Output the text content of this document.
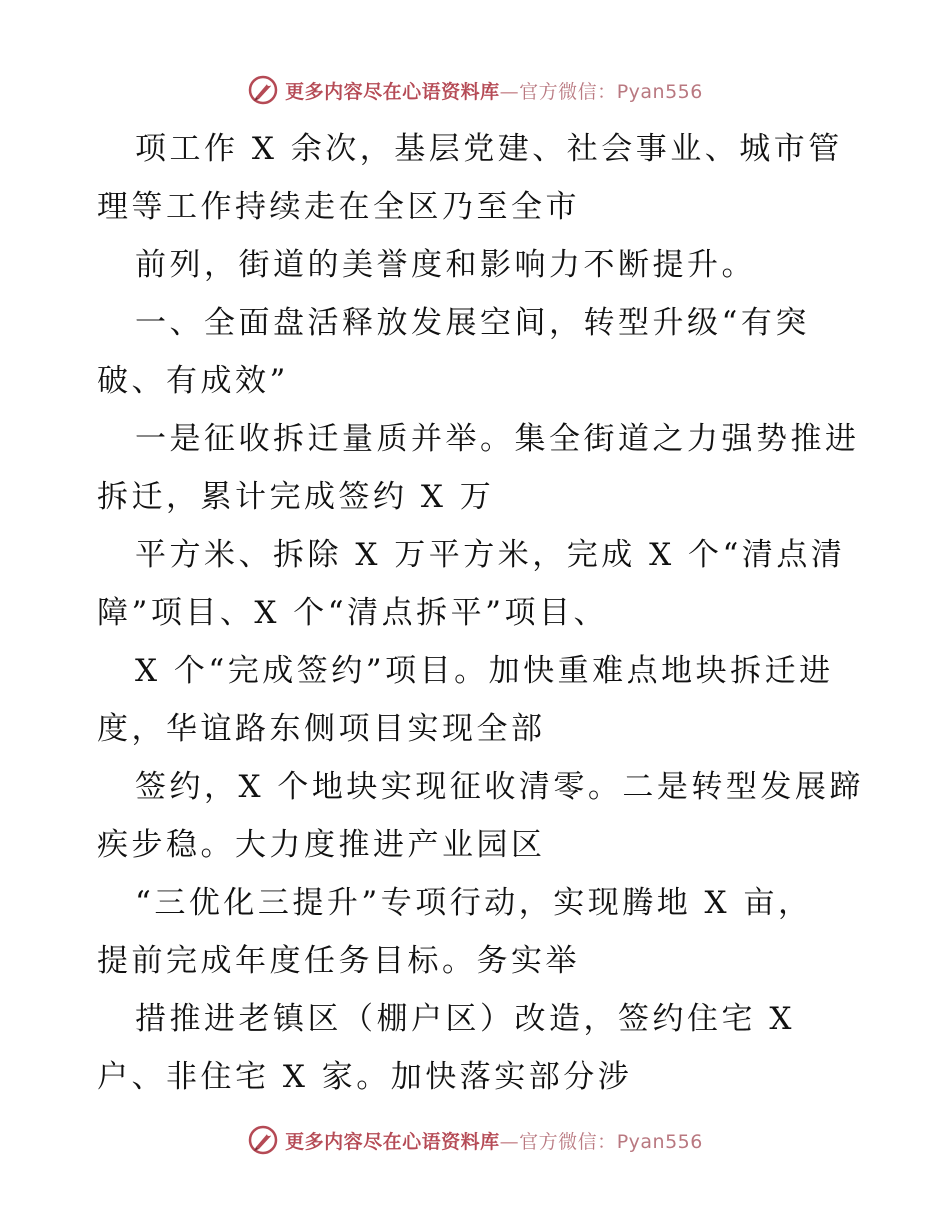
更多内容尽在心语资料库—官方微信：Pyan556
项工作 X 余次，基层党建、社会事业、城市管
理等工作持续走在全区乃至全市
前列，街道的美誉度和影响力不断提升。
一、全面盘活释放发展空间，转型升级“有突
破、有成效”
一是征收拆迁量质并举。集全街道之力强势推进
拆迁，累计完成签约 X 万
平方米、拆除 X 万平方米，完成 X 个“清点清
障”项目、X 个“清点拆平”项目、
X 个“完成签约”项目。加快重难点地块拆迁进
度，华谊路东侧项目实现全部
签约，X 个地块实现征收清零。二是转型发展蹄
疾步稳。大力度推进产业园区
“三优化三提升”专项行动，实现腾地 X 亩，
提前完成年度任务目标。务实举
措推进老镇区（棚户区）改造，签约住宅 X
户、非住宅 X 家。加快落实部分涉
更多内容尽在心语资料库—官方微信：Pyan556
